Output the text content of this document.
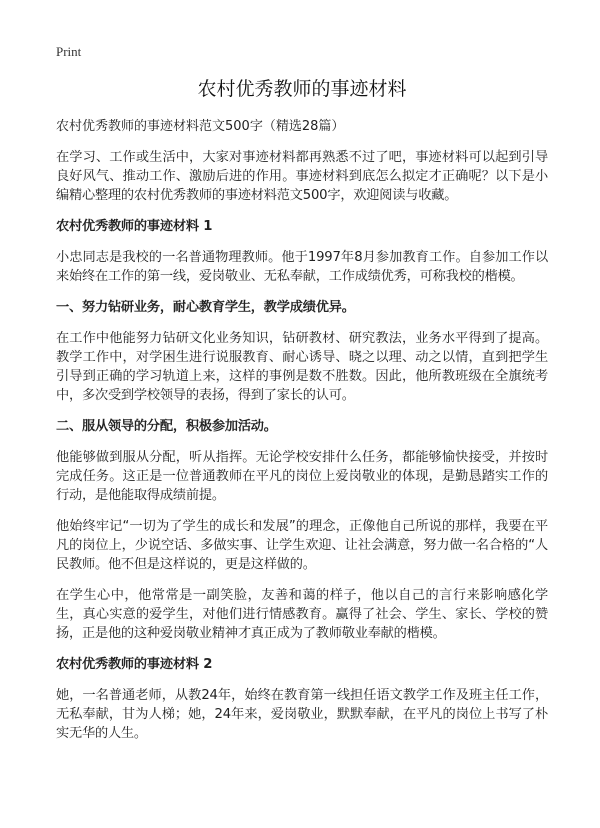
Print
农村优秀教师的事迹材料

农村优秀教师的事迹材料范文500字（精选28篇）

在学习、工作或生活中，大家对事迹材料都再熟悉不过了吧，事迹材料可以起到引导良好风气、推动工作、激励后进的作用。事迹材料到底怎么拟定才正确呢？以下是小编精心整理的农村优秀教师的事迹材料范文500字，欢迎阅读与收藏。

农村优秀教师的事迹材料 1

小忠同志是我校的一名普通物理教师。他于1997年8月参加教育工作。自参加工作以来始终在工作的第一线，爱岗敬业、无私奉献，工作成绩优秀，可称我校的楷模。

一、努力钻研业务，耐心教育学生，教学成绩优异。

在工作中他能努力钻研文化业务知识，钻研教材、研究教法，业务水平得到了提高。教学工作中，对学困生进行说服教育、耐心诱导、晓之以理、动之以情，直到把学生引导到正确的学习轨道上来，这样的事例是数不胜数。因此，他所教班级在全旗统考中，多次受到学校领导的表扬，得到了家长的认可。

二、服从领导的分配，积极参加活动。

他能够做到服从分配，听从指挥。无论学校安排什么任务，都能够愉快接受，并按时完成任务。这正是一位普通教师在平凡的岗位上爱岗敬业的体现，是勤恳踏实工作的行动，是他能取得成绩前提。

他始终牢记“一切为了学生的成长和发展”的理念，正像他自己所说的那样，我要在平凡的岗位上，少说空话、多做实事、让学生欢迎、让社会满意，努力做一名合格的“人民教师。他不但是这样说的，更是这样做的。

在学生心中，他常常是一副笑脸，友善和蔼的样子，他以自己的言行来影响感化学生，真心实意的爱学生，对他们进行情感教育。赢得了社会、学生、家长、学校的赞扬，正是他的这种爱岗敬业精神才真正成为了教师敬业奉献的楷模。

农村优秀教师的事迹材料 2

她，一名普通老师，从教24年，始终在教育第一线担任语文教学工作及班主任工作，无私奉献，甘为人梯；她，24年来，爱岗敬业，默默奉献，在平凡的岗位上书写了朴实无华的人生。
